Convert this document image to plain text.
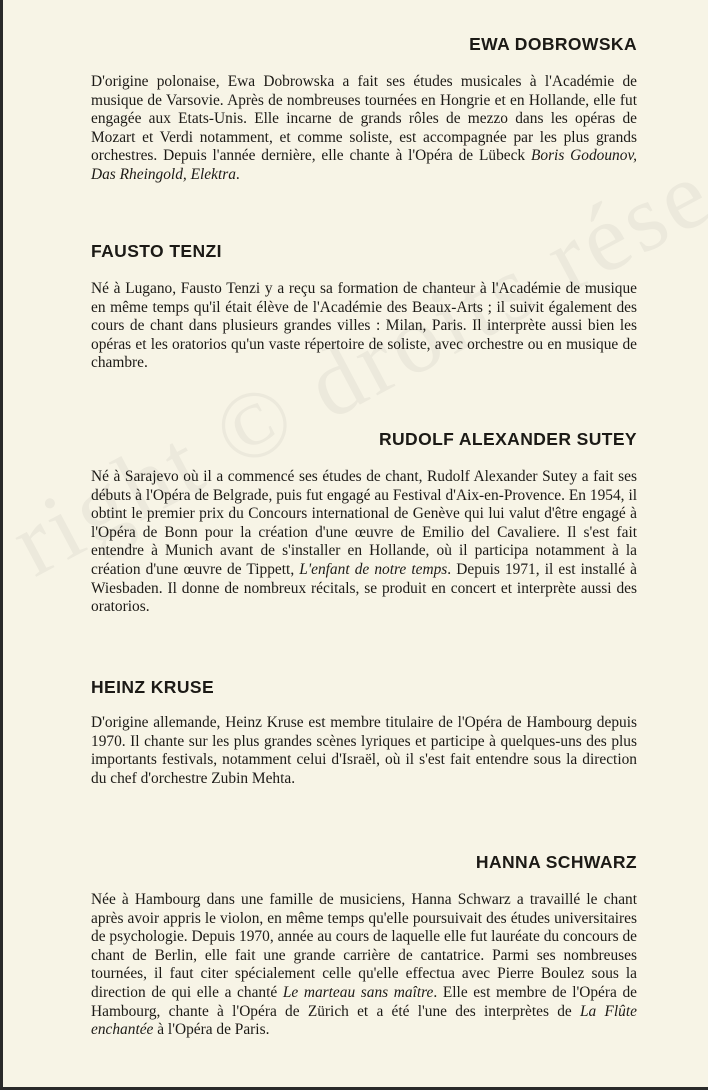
EWA DOBROWSKA

D'origine polonaise, Ewa Dobrowska a fait ses études musicales à l'Académie de musique de Varsovie. Après de nombreuses tournées en Hongrie et en Hollande, elle fut engagée aux Etats-Unis. Elle incarne de grands rôles de mezzo dans les opéras de Mozart et Verdi notamment, et comme soliste, est accompagnée par les plus grands orchestres. Depuis l'année dernière, elle chante à l'Opéra de Lübeck Boris Godounov, Das Rheingold, Elektra.

FAUSTO TENZI

Né à Lugano, Fausto Tenzi y a reçu sa formation de chanteur à l'Académie de musique en même temps qu'il était élève de l'Académie des Beaux-Arts ; il suivit également des cours de chant dans plusieurs grandes villes : Milan, Paris. Il interprète aussi bien les opéras et les oratorios qu'un vaste répertoire de soliste, avec orchestre ou en musique de chambre.

RUDOLF ALEXANDER SUTEY

Né à Sarajevo où il a commencé ses études de chant, Rudolf Alexander Sutey a fait ses débuts à l'Opéra de Belgrade, puis fut engagé au Festival d'Aix-en-Provence. En 1954, il obtint le premier prix du Concours international de Genève qui lui valut d'être engagé à l'Opéra de Bonn pour la création d'une œuvre de Emilio del Cavaliere. Il s'est fait entendre à Munich avant de s'installer en Hollande, où il participa notamment à la création d'une œuvre de Tippett, L'enfant de notre temps. Depuis 1971, il est installé à Wiesbaden. Il donne de nombreux récitals, se produit en concert et interprète aussi des oratorios.

HEINZ KRUSE

D'origine allemande, Heinz Kruse est membre titulaire de l'Opéra de Hambourg depuis 1970. Il chante sur les plus grandes scènes lyriques et participe à quelques-uns des plus importants festivals, notamment celui d'Israël, où il s'est fait entendre sous la direction du chef d'orchestre Zubin Mehta.

HANNA SCHWARZ

Née à Hambourg dans une famille de musiciens, Hanna Schwarz a travaillé le chant après avoir appris le violon, en même temps qu'elle poursuivait des études universitaires de psychologie. Depuis 1970, année au cours de laquelle elle fut lauréate du concours de chant de Berlin, elle fait une grande carrière de cantatrice. Parmi ses nombreuses tournées, il faut citer spécialement celle qu'elle effectua avec Pierre Boulez sous la direction de qui elle a chanté Le marteau sans maître. Elle est membre de l'Opéra de Hambourg, chante à l'Opéra de Zürich et a été l'une des interprètes de La Flûte enchantée à l'Opéra de Paris.
